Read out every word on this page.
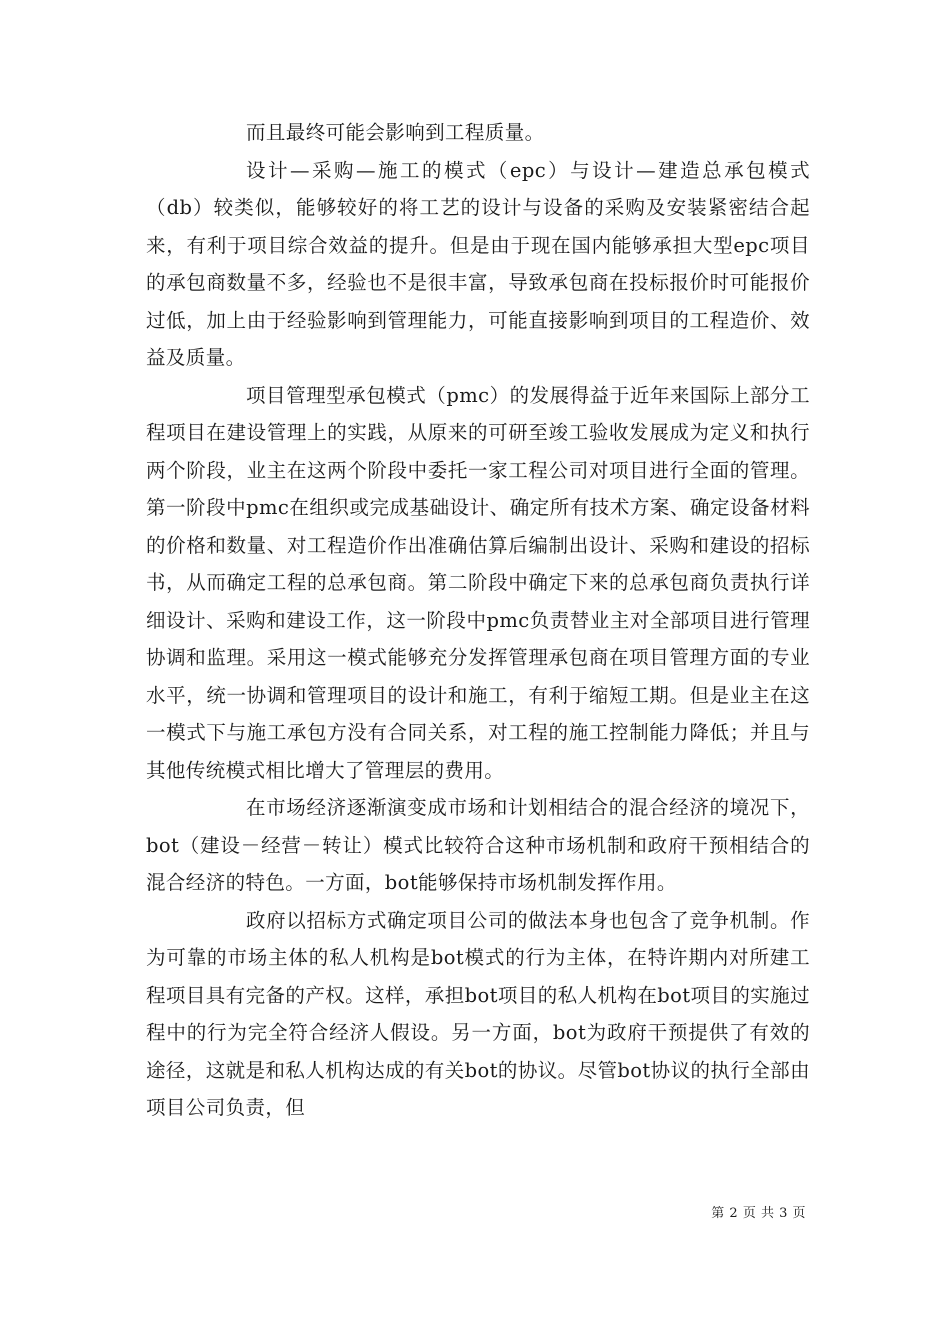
而且最终可能会影响到工程质量。

设计—采购—施工的模式（epc）与设计—建造总承包模式（db）较类似，能够较好的将工艺的设计与设备的采购及安装紧密结合起来，有利于项目综合效益的提升。但是由于现在国内能够承担大型epc项目的承包商数量不多，经验也不是很丰富，导致承包商在投标报价时可能报价过低，加上由于经验影响到管理能力，可能直接影响到项目的工程造价、效益及质量。

项目管理型承包模式（pmc）的发展得益于近年来国际上部分工程项目在建设管理上的实践，从原来的可研至竣工验收发展成为定义和执行两个阶段，业主在这两个阶段中委托一家工程公司对项目进行全面的管理。第一阶段中pmc在组织或完成基础设计、确定所有技术方案、确定设备材料的价格和数量、对工程造价作出准确估算后编制出设计、采购和建设的招标书，从而确定工程的总承包商。第二阶段中确定下来的总承包商负责执行详细设计、采购和建设工作，这一阶段中pmc负责替业主对全部项目进行管理协调和监理。采用这一模式能够充分发挥管理承包商在项目管理方面的专业水平，统一协调和管理项目的设计和施工，有利于缩短工期。但是业主在这一模式下与施工承包方没有合同关系，对工程的施工控制能力降低；并且与其他传统模式相比增大了管理层的费用。

在市场经济逐渐演变成市场和计划相结合的混合经济的境况下，bot（建设－经营－转让）模式比较符合这种市场机制和政府干预相结合的混合经济的特色。一方面，bot能够保持市场机制发挥作用。

政府以招标方式确定项目公司的做法本身也包含了竞争机制。作为可靠的市场主体的私人机构是bot模式的行为主体，在特许期内对所建工程项目具有完备的产权。这样，承担bot项目的私人机构在bot项目的实施过程中的行为完全符合经济人假设。另一方面，bot为政府干预提供了有效的途径，这就是和私人机构达成的有关bot的协议。尽管bot协议的执行全部由项目公司负责，但

第 2 页 共 3 页
